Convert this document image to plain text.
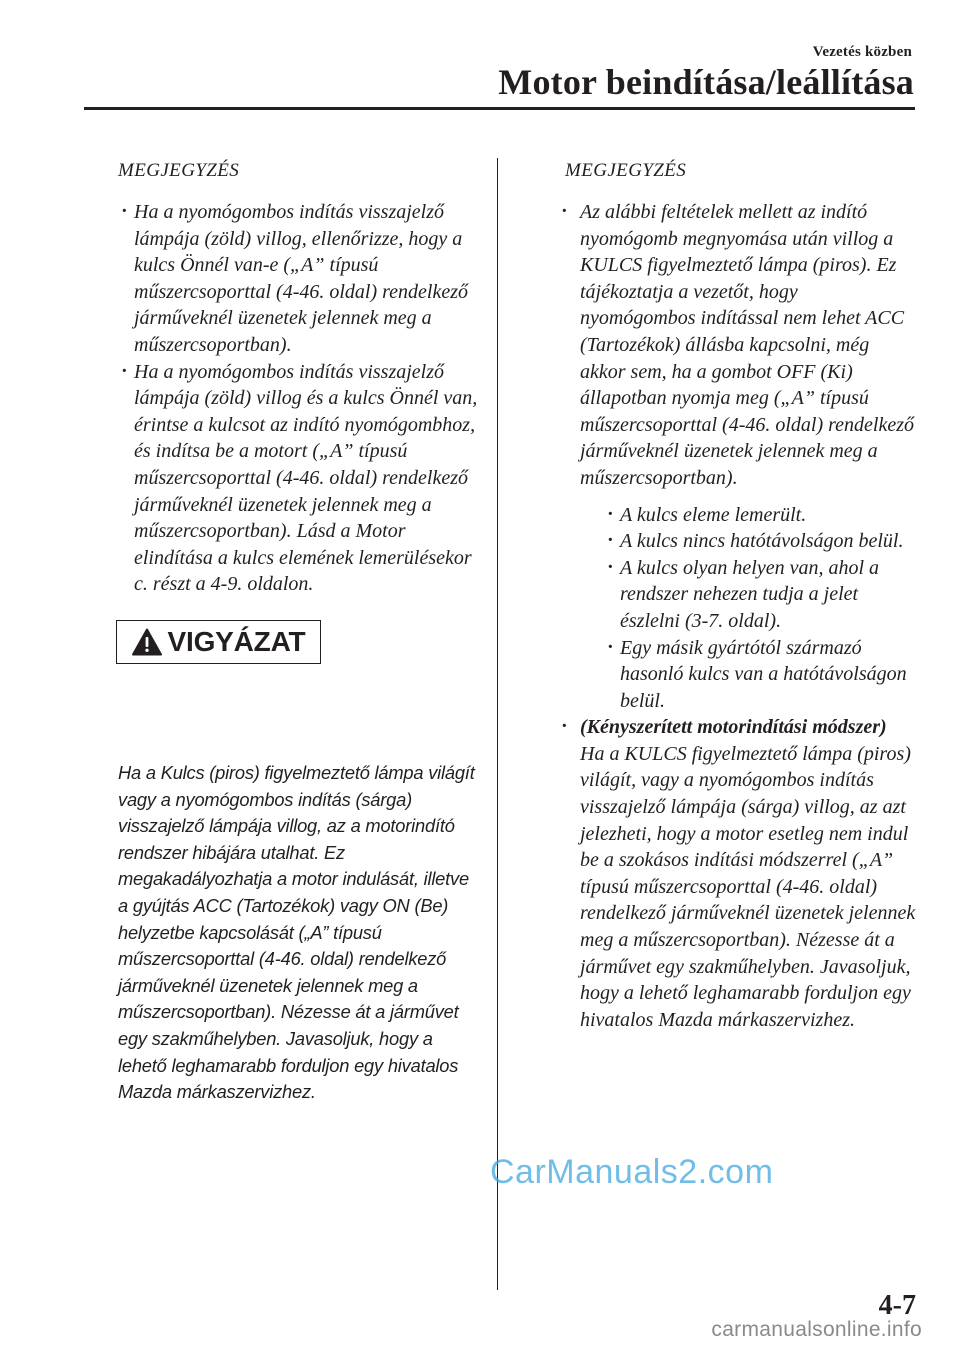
Vezetés közben
Motor beindítása/leállítása
MEGJEGYZÉS
· Ha a nyomógombos indítás visszajelző lámpája (zöld) villog, ellenőrizze, hogy a kulcs Önnél van-e („A” típusú műszercsoporttal (4-46. oldal) rendelkező járműveknél üzenetek jelennek meg a műszercsoportban).
· Ha a nyomógombos indítás visszajelző lámpája (zöld) villog és a kulcs Önnél van, érintse a kulcsot az indító nyomógombhoz, és indítsa be a motort („A” típusú műszercsoporttal (4-46. oldal) rendelkező járműveknél üzenetek jelennek meg a műszercsoportban). Lásd a Motor elindítása a kulcs elemének lemerülésekor c. részt a 4-9. oldalon.
VIGYÁZAT
Ha a Kulcs (piros) figyelmeztető lámpa világít vagy a nyomógombos indítás (sárga) visszajelző lámpája villog, az a motorindító rendszer hibájára utalhat. Ez megakadályozhatja a motor indulását, illetve a gyújtás ACC (Tartozékok) vagy ON (Be) helyzetbe kapcsolását („A” típusú műszercsoporttal (4-46. oldal) rendelkező járműveknél üzenetek jelennek meg a műszercsoportban). Nézesse át a járművet egy szakműhelyben. Javasoljuk, hogy a lehető leghamarabb forduljon egy hivatalos Mazda márkaszervizhez.
MEGJEGYZÉS
· Az alábbi feltételek mellett az indító nyomógomb megnyomása után villog a KULCS figyelmeztető lámpa (piros). Ez tájékoztatja a vezetőt, hogy nyomógombos indítással nem lehet ACC (Tartozékok) állásba kapcsolni, még akkor sem, ha a gombot OFF (Ki) állapotban nyomja meg („A” típusú műszercsoporttal (4-46. oldal) rendelkező járműveknél üzenetek jelennek meg a műszercsoportban).
· A kulcs eleme lemerült.
· A kulcs nincs hatótávolságon belül.
· A kulcs olyan helyen van, ahol a rendszer nehezen tudja a jelet észlelni (3-7. oldal).
· Egy másik gyártótól származó hasonló kulcs van a hatótávolságon belül.
· (Kényszerített motorindítási módszer)
Ha a KULCS figyelmeztető lámpa (piros) világít, vagy a nyomógombos indítás visszajelző lámpája (sárga) villog, az azt jelezheti, hogy a motor esetleg nem indul be a szokásos indítási módszerrel („A” típusú műszercsoporttal (4-46. oldal) rendelkező járműveknél üzenetek jelennek meg a műszercsoportban). Nézesse át a járművet egy szakműhelyben. Javasoljuk, hogy a lehető leghamarabb forduljon egy hivatalos Mazda márkaszervizhez.
CarManuals2.com
4-7
carmanualsonline.info
